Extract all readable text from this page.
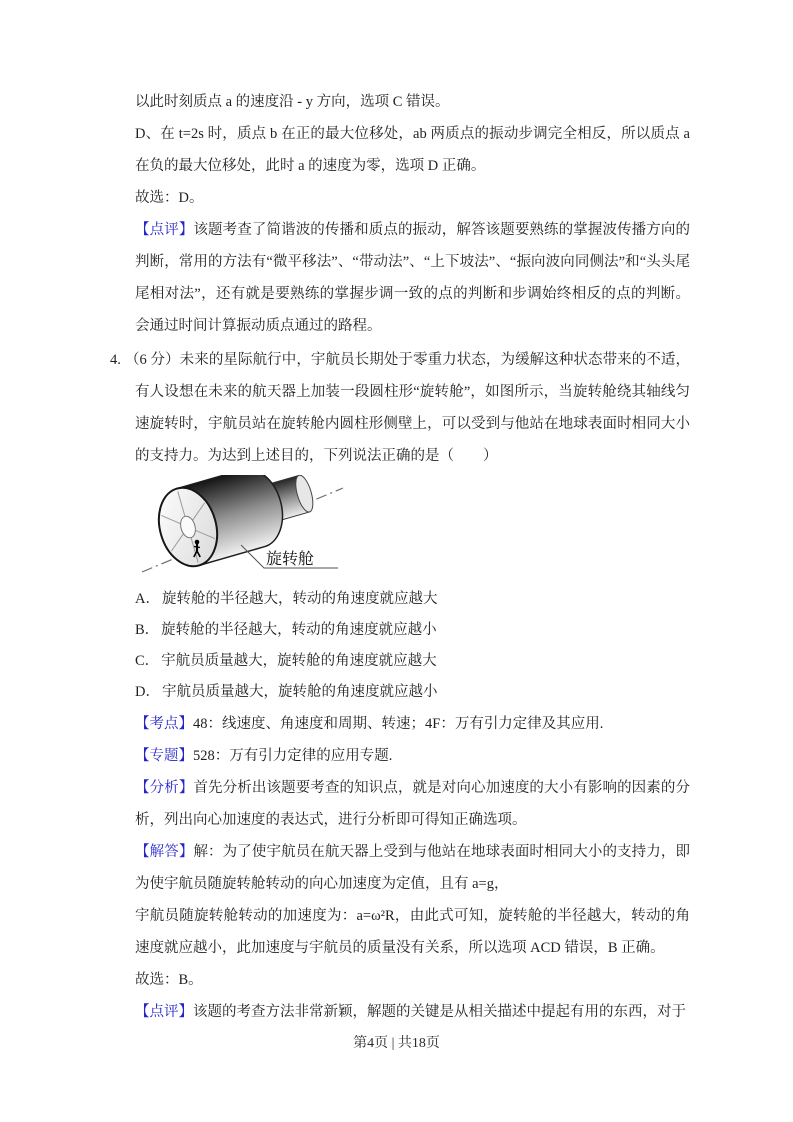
以此时刻质点 a 的速度沿 - y 方向，选项 C 错误。

D、在 t=2s 时，质点 b 在正的最大位移处，ab 两质点的振动步调完全相反，所以质点 a 在负的最大位移处，此时 a 的速度为零，选项 D 正确。

故选：D。

【点评】该题考查了简谐波的传播和质点的振动，解答该题要熟练的掌握波传播方向的判断，常用的方法有“微平移法”、“带动法”、“上下坡法”、“振向波向同侧法”和“头头尾尾相对法”，还有就是要熟练的掌握步调一致的点的判断和步调始终相反的点的判断。会通过时间计算振动质点通过的路程。

4. （6 分）未来的星际航行中，宇航员长期处于零重力状态，为缓解这种状态带来的不适，有人设想在未来的航天器上加装一段圆柱形“旋转舱”，如图所示，当旋转舱绕其轴线匀速旋转时，宇航员站在旋转舱内圆柱形侧壁上，可以受到与他站在地球表面时相同大小的支持力。为达到上述目的，下列说法正确的是（　　）

旋转舱

A． 旋转舱的半径越大，转动的角速度就应越大

B． 旋转舱的半径越大，转动的角速度就应越小

C． 宇航员质量越大，旋转舱的角速度就应越大

D． 宇航员质量越大，旋转舱的角速度就应越小

【考点】48：线速度、角速度和周期、转速；4F：万有引力定律及其应用.

【专题】528：万有引力定律的应用专题.

【分析】首先分析出该题要考查的知识点，就是对向心加速度的大小有影响的因素的分析，列出向心加速度的表达式，进行分析即可得知正确选项。

【解答】解：为了使宇航员在航天器上受到与他站在地球表面时相同大小的支持力，即为使宇航员随旋转舱转动的向心加速度为定值，且有 a=g，

宇航员随旋转舱转动的加速度为：a=ω²R，由此式可知，旋转舱的半径越大，转动的角速度就应越小，此加速度与宇航员的质量没有关系，所以选项 ACD 错误，B 正确。

故选：B。

【点评】该题的考查方法非常新颖，解题的关键是从相关描述中提起有用的东西，对于

第4页 | 共18页
